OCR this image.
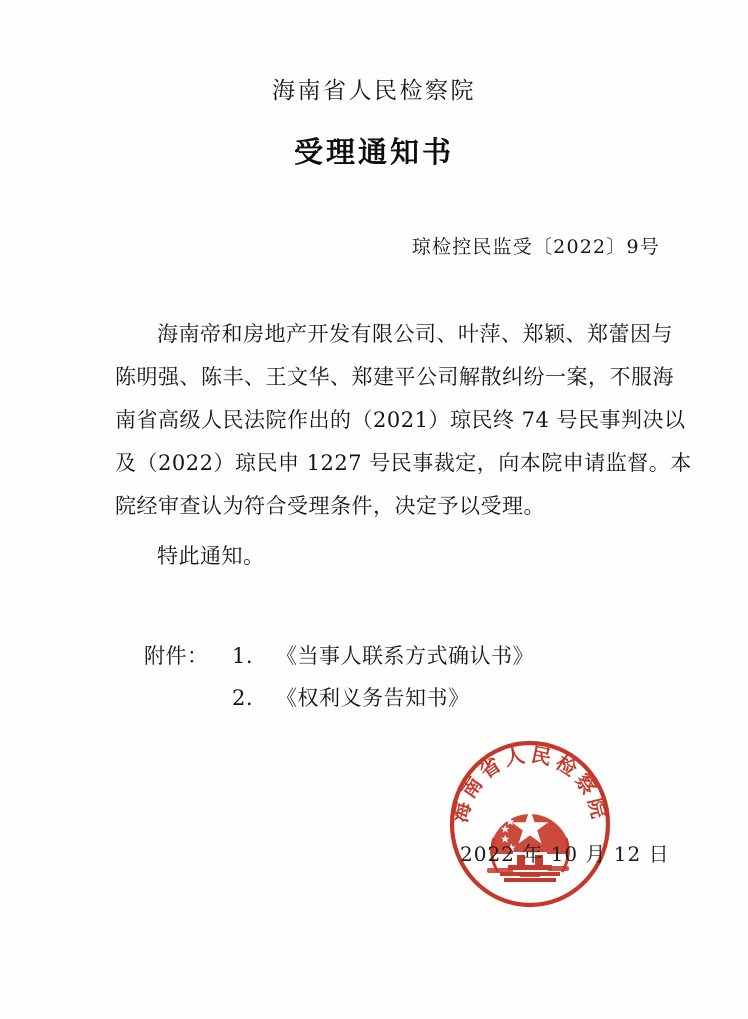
海南省人民检察院
受理通知书
琼检控民监受〔2022〕9号
海南帝和房地产开发有限公司、叶萍、郑颖、郑蕾因与
陈明强、陈丰、王文华、郑建平公司解散纠纷一案，不服海
南省高级人民法院作出的（2021）琼民终 74 号民事判决以
及（2022）琼民申 1227 号民事裁定，向本院申请监督。本
院经审查认为符合受理条件，决定予以受理。
特此通知。
附件：	1.	《当事人联系方式确认书》
2.	《权利义务告知书》
海南省人民检察院
2022 年 10 月 12 日
